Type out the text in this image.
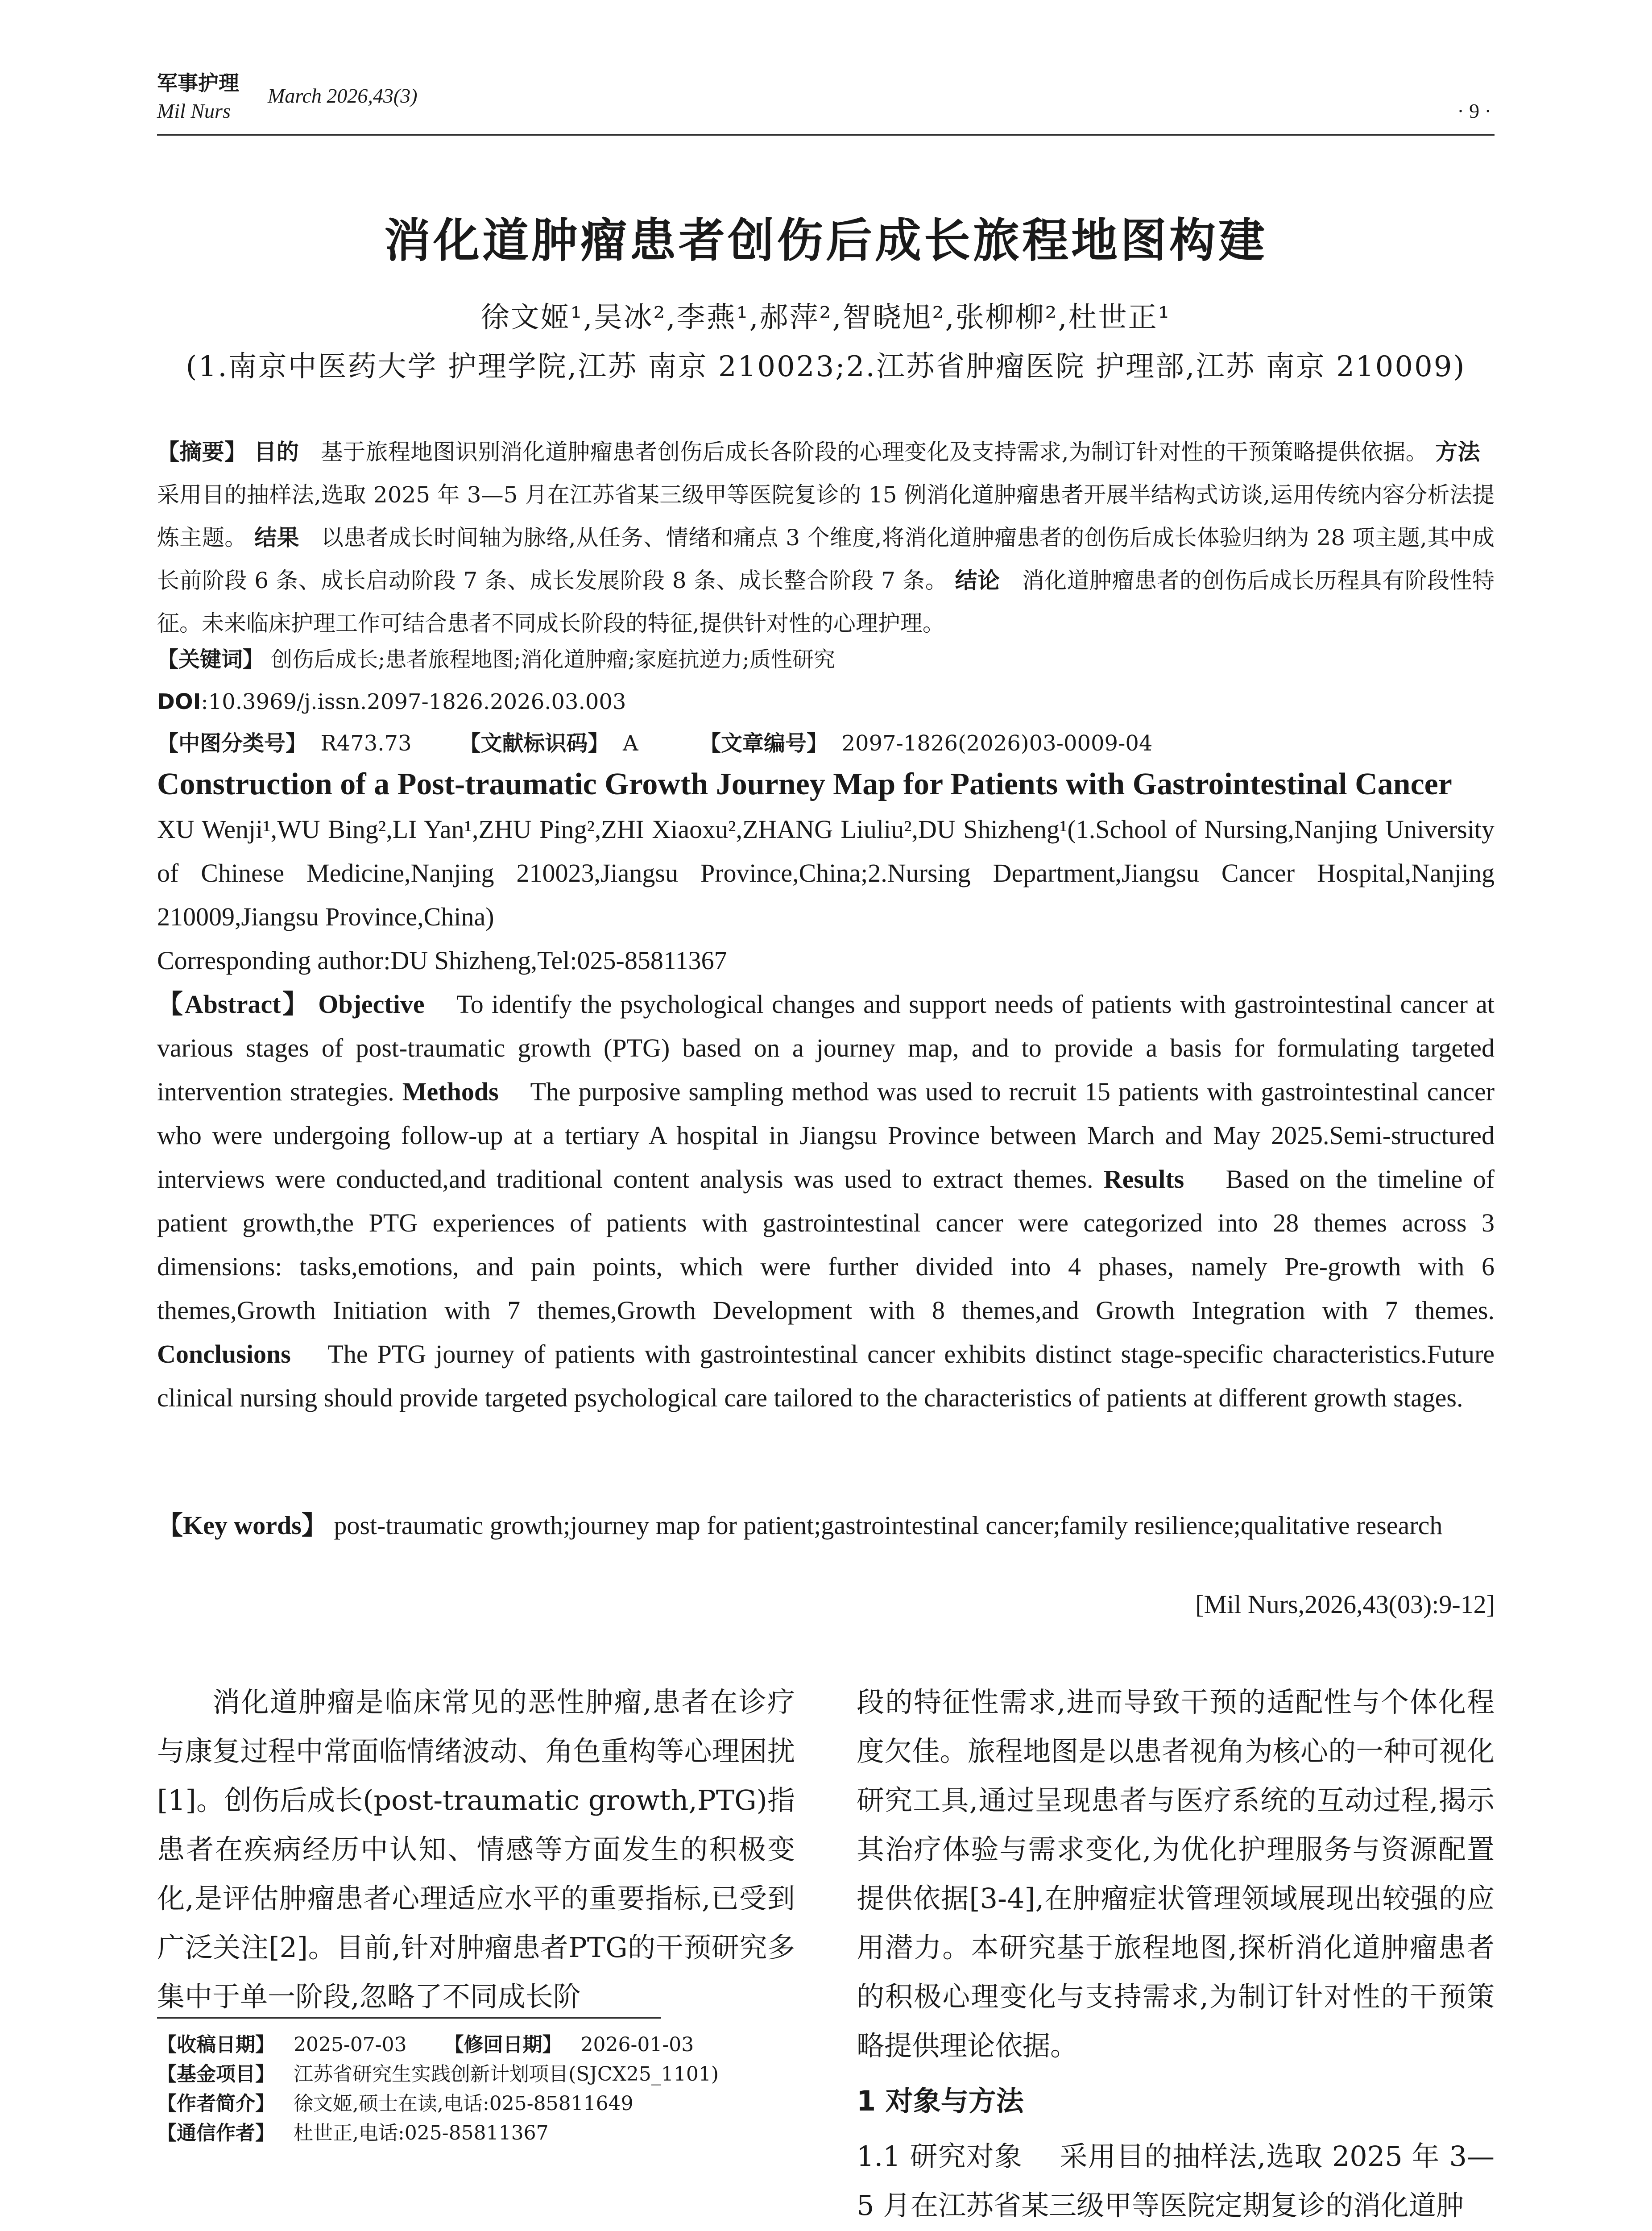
军事护理
Mil Nurs
March 2026,43(3)
· 9 ·
消化道肿瘤患者创伤后成长旅程地图构建
徐文姬¹,吴冰²,李燕¹,郝萍²,智晓旭²,张柳柳²,杜世正¹
(1.南京中医药大学 护理学院,江苏 南京 210023;2.江苏省肿瘤医院 护理部,江苏 南京 210009)
【摘要】 目的 基于旅程地图识别消化道肿瘤患者创伤后成长各阶段的心理变化及支持需求,为制订针对性的干预策略提供依据。 方法   采用目的抽样法,选取 2025 年 3—5 月在江苏省某三级甲等医院复诊的 15 例消化道肿瘤患者开展半结构式访谈,运用传统内容分析法提炼主题。 结果 以患者成长时间轴为脉络,从任务、情绪和痛点 3 个维度,将消化道肿瘤患者的创伤后成长体验归纳为 28 项主题,其中成长前阶段 6 条、成长启动阶段 7 条、成长发展阶段 8 条、成长整合阶段 7 条。 结论 消化道肿瘤患者的创伤后成长历程具有阶段性特征。未来临床护理工作可结合患者不同成长阶段的特征,提供针对性的心理护理。
【关键词】 创伤后成长;患者旅程地图;消化道肿瘤;家庭抗逆力;质性研究
DOI:10.3969/j.issn.2097-1826.2026.03.003
【中图分类号】 R473.73 【文献标识码】 A	【文章编号】 2097-1826(2026)03-0009-04
Construction of a Post-traumatic Growth Journey Map for Patients with Gastrointestinal Cancer
XU Wenji¹,WU Bing²,LI Yan¹,ZHU Ping²,ZHI Xiaoxu²,ZHANG Liuliu²,DU Shizheng¹(1.School of Nursing,Nanjing University of Chinese Medicine,Nanjing 210023,Jiangsu Province,China;2.Nursing Department,Jiangsu Cancer Hospital,Nanjing 210009,Jiangsu Province,China)
Corresponding author:DU Shizheng,Tel:025-85811367
【Abstract】 Objective To identify the psychological changes and support needs of patients with gastrointestinal cancer at various stages of post-traumatic growth (PTG) based on a journey map, and to provide a basis for formulating targeted intervention strategies. Methods The purposive sampling method was used to recruit 15 patients with gastrointestinal cancer who were undergoing follow-up at a tertiary A hospital in Jiangsu Province between March and May 2025.Semi-structured interviews were conducted,and traditional content analysis was used to extract themes. Results Based on the timeline of patient growth,the PTG experiences of patients with gastrointestinal cancer were categorized into 28 themes across 3 dimensions: tasks,emotions, and pain points, which were further divided into 4 phases, namely Pre-growth with 6 themes,Growth Initiation with 7 themes,Growth Development with 8 themes,and Growth Integration with 7 themes. Conclusions The PTG journey of patients with gastrointestinal cancer exhibits distinct stage-specific characteristics.Future clinical nursing should provide targeted psychological care tailored to the characteristics of patients at different growth stages.
【Key words】 post-traumatic growth;journey map for patient;gastrointestinal cancer;family resilience;qualitative research
[Mil Nurs,2026,43(03):9-12]
消化道肿瘤是临床常见的恶性肿瘤,患者在诊疗与康复过程中常面临情绪波动、角色重构等心理困扰[1]。创伤后成长(post-traumatic growth,PTG)指患者在疾病经历中认知、情感等方面发生的积极变化,是评估肿瘤患者心理适应水平的重要指标,已受到广泛关注[2]。目前,针对肿瘤患者PTG的干预研究多集中于单一阶段,忽略了不同成长阶
【收稿日期】 2025-07-03 【修回日期】 2026-01-03
【基金项目】 江苏省研究生实践创新计划项目(SJCX25_1101)
【作者简介】 徐文姬,硕士在读,电话:025-85811649
【通信作者】 杜世正,电话:025-85811367
段的特征性需求,进而导致干预的适配性与个体化程度欠佳。旅程地图是以患者视角为核心的一种可视化研究工具,通过呈现患者与医疗系统的互动过程,揭示其治疗体验与需求变化,为优化护理服务与资源配置提供依据[3-4],在肿瘤症状管理领域展现出较强的应用潜力。本研究基于旅程地图,探析消化道肿瘤患者的积极心理变化与支持需求,为制订针对性的干预策略提供理论依据。
1 对象与方法
1.1 研究对象 采用目的抽样法,选取 2025 年 3—5 月在江苏省某三级甲等医院定期复诊的消化道肿
